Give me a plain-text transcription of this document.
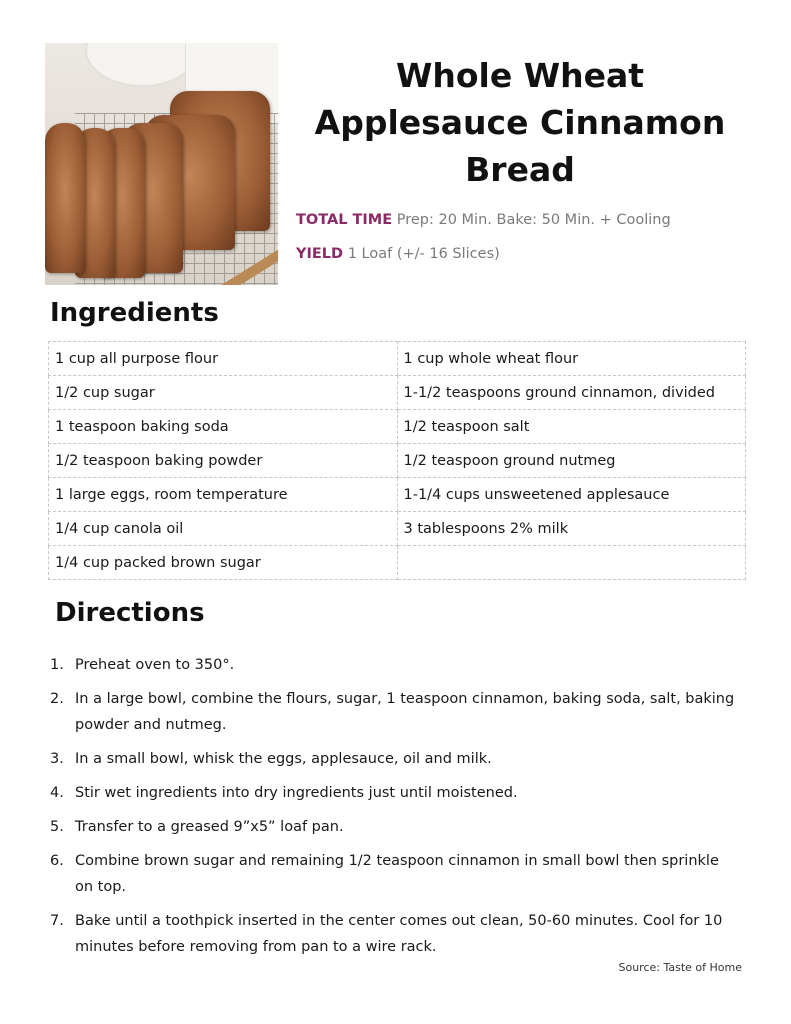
Whole Wheat
Applesauce Cinnamon
Bread
TOTAL TIME Prep: 20 Min. Bake: 50 Min. + Cooling
YIELD 1 Loaf (+/- 16 Slices)
Ingredients
1 cup all purpose flour	1 cup whole wheat flour
1/2 cup sugar	1-1/2 teaspoons ground cinnamon, divided
1 teaspoon baking soda	1/2 teaspoon salt
1/2 teaspoon baking powder	1/2 teaspoon ground nutmeg
1 large eggs, room temperature	1-1/4 cups unsweetened applesauce
1/4 cup canola oil	3 tablespoons 2% milk
1/4 cup packed brown sugar	
Directions
1. Preheat oven to 350°.
2. In a large bowl, combine the flours, sugar, 1 teaspoon cinnamon, baking soda, salt, baking powder and nutmeg.
3. In a small bowl, whisk the eggs, applesauce, oil and milk.
4. Stir wet ingredients into dry ingredients just until moistened.
5. Transfer to a greased 9”x5” loaf pan.
6. Combine brown sugar and remaining 1/2 teaspoon cinnamon in small bowl then sprinkle on top.
7. Bake until a toothpick inserted in the center comes out clean, 50-60 minutes. Cool for 10 minutes before removing from pan to a wire rack.
Source: Taste of Home
